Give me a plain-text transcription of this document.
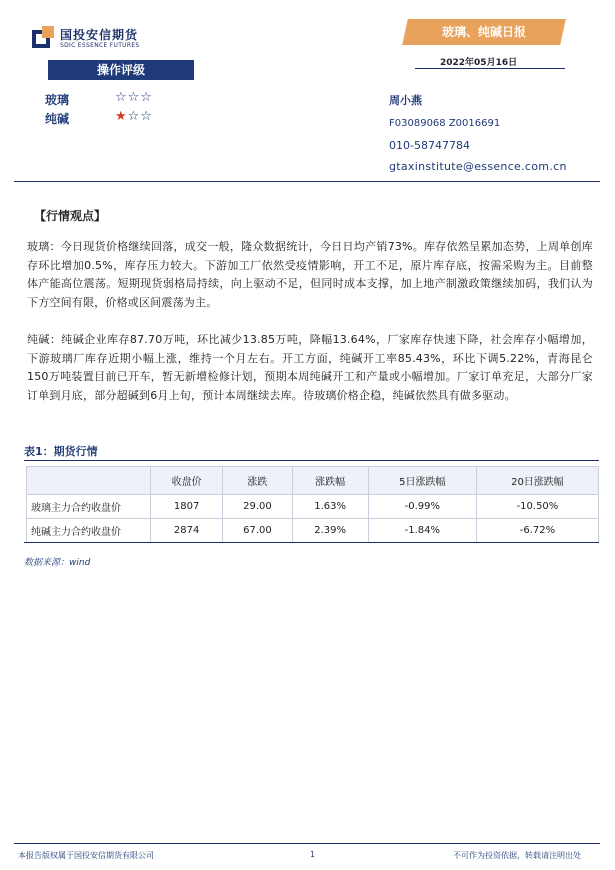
国投安信期货
SDIC ESSENCE FUTURES
玻璃、纯碱日报
2022年05月16日
操作评级
玻璃	☆☆☆
纯碱	★☆☆
周小燕
F03089068 Z0016691
010-58747784
gtaxinstitute@essence.com.cn
【行情观点】
玻璃：今日现货价格继续回落，成交一般，隆众数据统计，今日日均产销73%。库存依然呈累加态势，上周单创库存环比增加0.5%，库存压力较大。下游加工厂依然受疫情影响，开工不足，原片库存底，按需采购为主。目前整体产能高位震荡。短期现货弱格局持续，向上驱动不足，但同时成本支撑，加上地产制激政策继续加码，我们认为下方空间有限，价格或区间震荡为主。
纯碱：纯碱企业库存87.70万吨，环比减少13.85万吨，降幅13.64%，厂家库存快速下降，社会库存小幅增加，下游玻璃厂库存近期小幅上涨，维持一个月左右。开工方面，纯碱开工率85.43%，环比下调5.22%，青海昆仑150万吨装置目前已开车，暂无新增检修计划，预期本周纯碱开工和产量或小幅增加。厂家订单充足，大部分厂家订单到月底，部分超碱到6月上旬，预计本周继续去库。待玻璃价格企稳，纯碱依然具有做多驱动。
表1：期货行情
	收盘价	涨跌	涨跌幅	5日涨跌幅	20日涨跌幅
玻璃主力合约收盘价	1807	29.00	1.63%	-0.99%	-10.50%
纯碱主力合约收盘价	2874	67.00	2.39%	-1.84%	-6.72%
数据来源：wind
本报告版权属于国投安信期货有限公司	1	不可作为投资依据，转载请注明出处
